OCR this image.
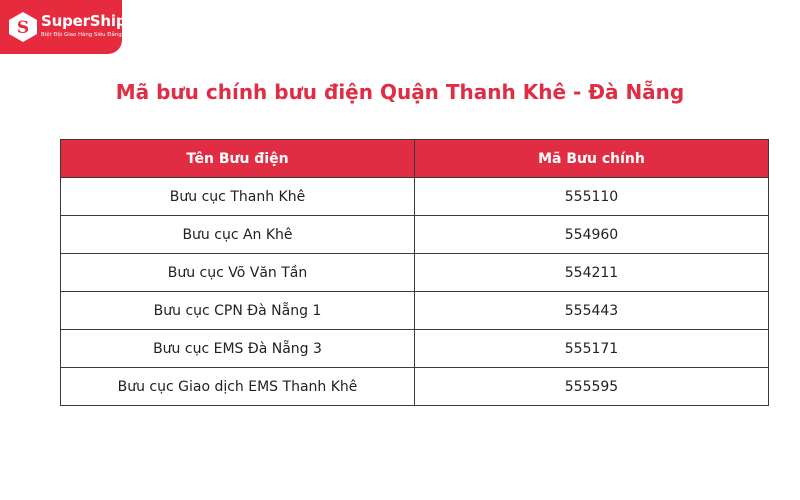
S SuperShip
Biệt Đội Giao Hàng Siêu Đẳng
Mã bưu chính bưu điện Quận Thanh Khê - Đà Nẵng
Tên Bưu điện	Mã Bưu chính
Bưu cục Thanh Khê	555110
Bưu cục An Khê	554960
Bưu cục Võ Văn Tần	554211
Bưu cục CPN Đà Nẵng 1	555443
Bưu cục EMS Đà Nẵng 3	555171
Bưu cục Giao dịch EMS Thanh Khê	555595
